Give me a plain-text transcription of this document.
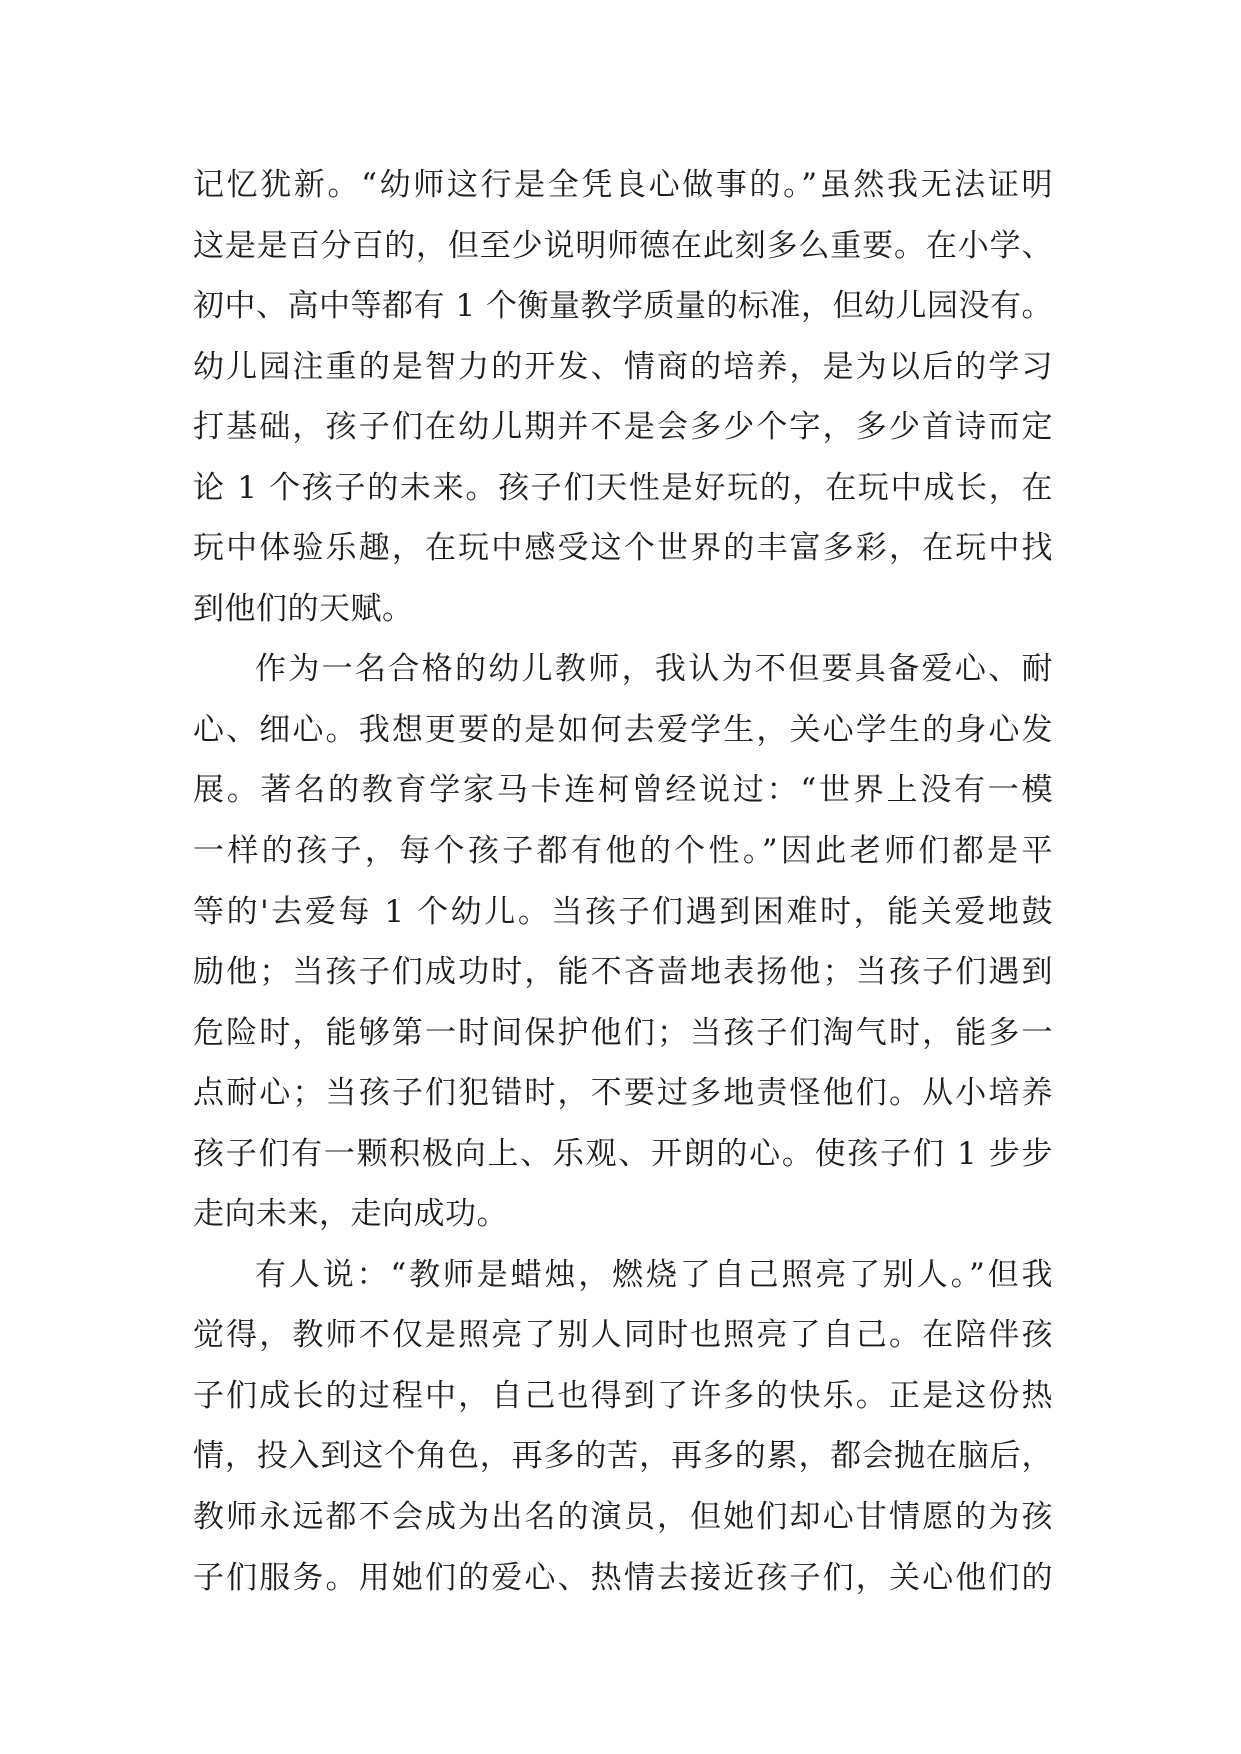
记忆犹新。“幼师这行是全凭良心做事的。”虽然我无法证明
这是是百分百的，但至少说明师德在此刻多么重要。在小学、
初中、高中等都有 1 个衡量教学质量的标准，但幼儿园没有。
幼儿园注重的是智力的开发、情商的培养，是为以后的学习
打基础，孩子们在幼儿期并不是会多少个字，多少首诗而定
论 1 个孩子的未来。孩子们天性是好玩的，在玩中成长，在
玩中体验乐趣，在玩中感受这个世界的丰富多彩，在玩中找
到他们的天赋。
作为一名合格的幼儿教师，我认为不但要具备爱心、耐
心、细心。我想更要的是如何去爱学生，关心学生的身心发
展。著名的教育学家马卡连柯曾经说过：“世界上没有一模
一样的孩子，每个孩子都有他的个性。”因此老师们都是平
等的'去爱每 1 个幼儿。当孩子们遇到困难时，能关爱地鼓
励他；当孩子们成功时，能不吝啬地表扬他；当孩子们遇到
危险时，能够第一时间保护他们；当孩子们淘气时，能多一
点耐心；当孩子们犯错时，不要过多地责怪他们。从小培养
孩子们有一颗积极向上、乐观、开朗的心。使孩子们 1 步步
走向未来，走向成功。
有人说：“教师是蜡烛，燃烧了自己照亮了别人。”但我
觉得，教师不仅是照亮了别人同时也照亮了自己。在陪伴孩
子们成长的过程中，自己也得到了许多的快乐。正是这份热
情，投入到这个角色，再多的苦，再多的累，都会抛在脑后，
教师永远都不会成为出名的演员，但她们却心甘情愿的为孩
子们服务。用她们的爱心、热情去接近孩子们，关心他们的
